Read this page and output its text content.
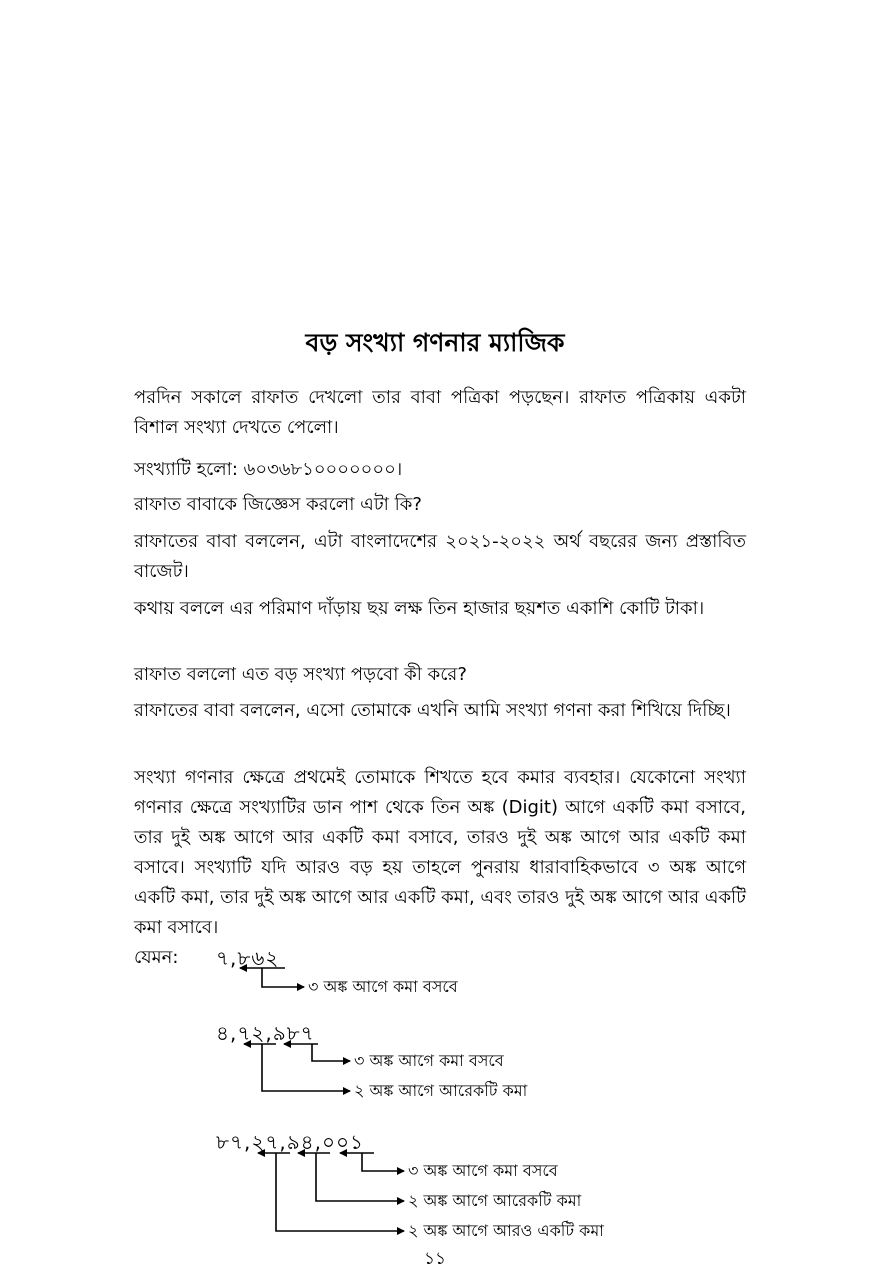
বড় সংখ্যা গণনার ম্যাজিক

পরদিন সকালে রাফাত দেখলো তার বাবা পত্রিকা পড়ছেন। রাফাত পত্রিকায় একটা বিশাল সংখ্যা দেখতে পেলো।

সংখ্যাটি হলো: ৬০৩৬৮১০০০০০০০।

রাফাত বাবাকে জিজ্ঞেস করলো এটা কি?

রাফাতের বাবা বললেন, এটা বাংলাদেশের ২০২১-২০২২ অর্থ বছরের জন্য প্রস্তাবিত বাজেট।

কথায় বললে এর পরিমাণ দাঁড়ায় ছয় লক্ষ তিন হাজার ছয়শত একাশি কোটি টাকা।

রাফাত বললো এত বড় সংখ্যা পড়বো কী করে?

রাফাতের বাবা বললেন, এসো তোমাকে এখনি আমি সংখ্যা গণনা করা শিখিয়ে দিচ্ছি।

সংখ্যা গণনার ক্ষেত্রে প্রথমেই তোমাকে শিখতে হবে কমার ব্যবহার। যেকোনো সংখ্যা গণনার ক্ষেত্রে সংখ্যাটির ডান পাশ থেকে তিন অঙ্ক (Digit) আগে একটি কমা বসাবে, তার দুই অঙ্ক আগে আর একটি কমা বসাবে, তারও দুই অঙ্ক আগে আর একটি কমা বসাবে। সংখ্যাটি যদি আরও বড় হয় তাহলে পুনরায় ধারাবাহিকভাবে ৩ অঙ্ক আগে একটি কমা, তার দুই অঙ্ক আগে আর একটি কমা, এবং তারও দুই অঙ্ক আগে আর একটি কমা বসাবে।

যেমন: ৭,৮৬২
৩ অঙ্ক আগে কমা বসবে
৪,৭২,৯৮৭
৩ অঙ্ক আগে কমা বসবে
২ অঙ্ক আগে আরেকটি কমা
৮৭,২৭,৯৪,০০১
৩ অঙ্ক আগে কমা বসবে
২ অঙ্ক আগে আরেকটি কমা
২ অঙ্ক আগে আরও একটি কমা
১১
